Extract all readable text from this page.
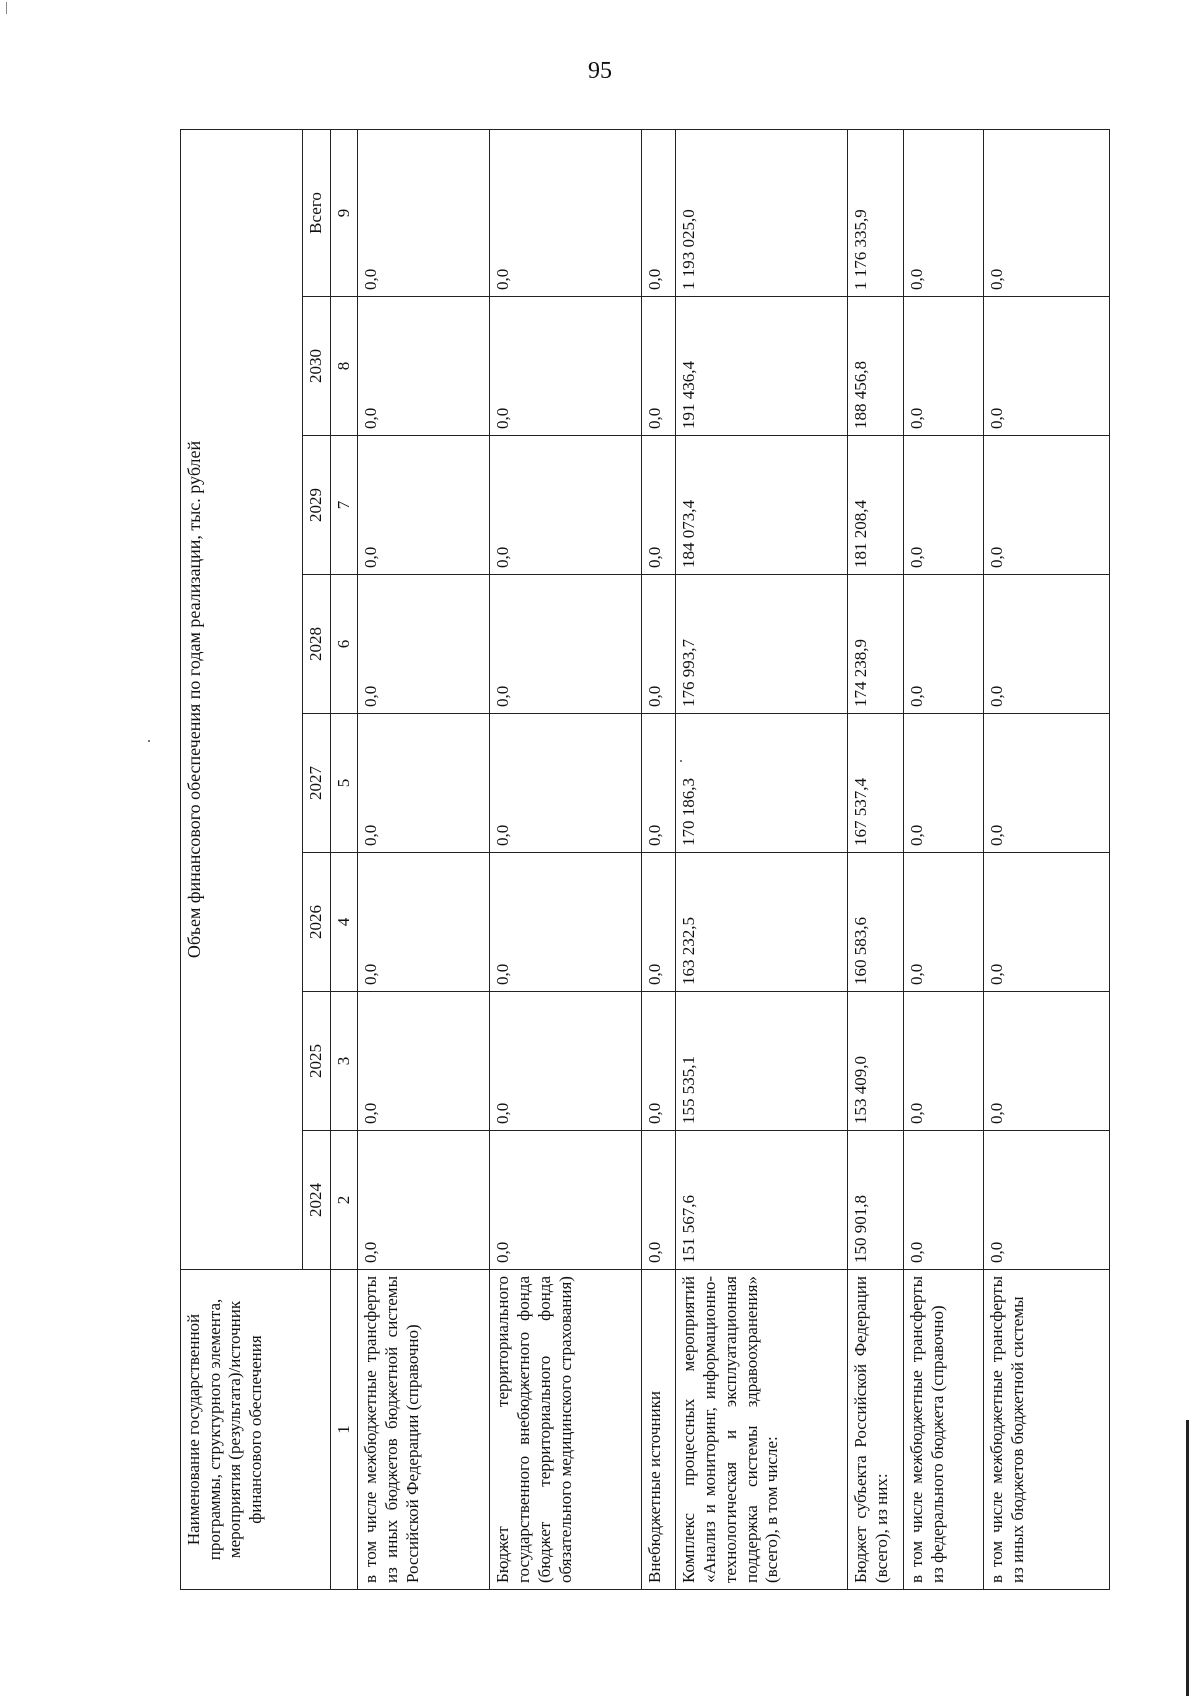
95
Наименование государственной программы, структурного элемента, мероприятия (результата)/источник финансового обеспечения	Объем финансового обеспечения по годам реализации, тыс. рублей							
	2024	2025	2026	2027	2028	2029	2030	Всего
1	2	3	4	5	6	7	8	9
в том числе межбюджетные трансферты из иных бюджетов бюджетной системы Российской Федерации (справочно)	0,0	0,0	0,0	0,0	0,0	0,0	0,0	0,0
Бюджет территориального государственного внебюджетного фонда (бюджет территориального фонда обязательного медицинского страхования)	0,0	0,0	0,0	0,0	0,0	0,0	0,0	0,0
Внебюджетные источники	0,0	0,0	0,0	0,0	0,0	0,0	0,0	0,0
Комплекс процессных мероприятий «Анализ и мониторинг, информационно-технологическая и эксплуатационная поддержка системы здравоохранения» (всего), в том числе:	151 567,6	155 535,1	163 232,5	170 186,3	176 993,7	184 073,4	191 436,4	1 193 025,0
Бюджет субъекта Российской Федерации (всего), из них:	150 901,8	153 409,0	160 583,6	167 537,4	174 238,9	181 208,4	188 456,8	1 176 335,9
в том числе межбюджетные трансферты из федерального бюджета (справочно)	0,0	0,0	0,0	0,0	0,0	0,0	0,0	0,0
в том числе межбюджетные трансферты из иных бюджетов бюджетной системы	0,0	0,0	0,0	0,0	0,0	0,0	0,0	0,0
